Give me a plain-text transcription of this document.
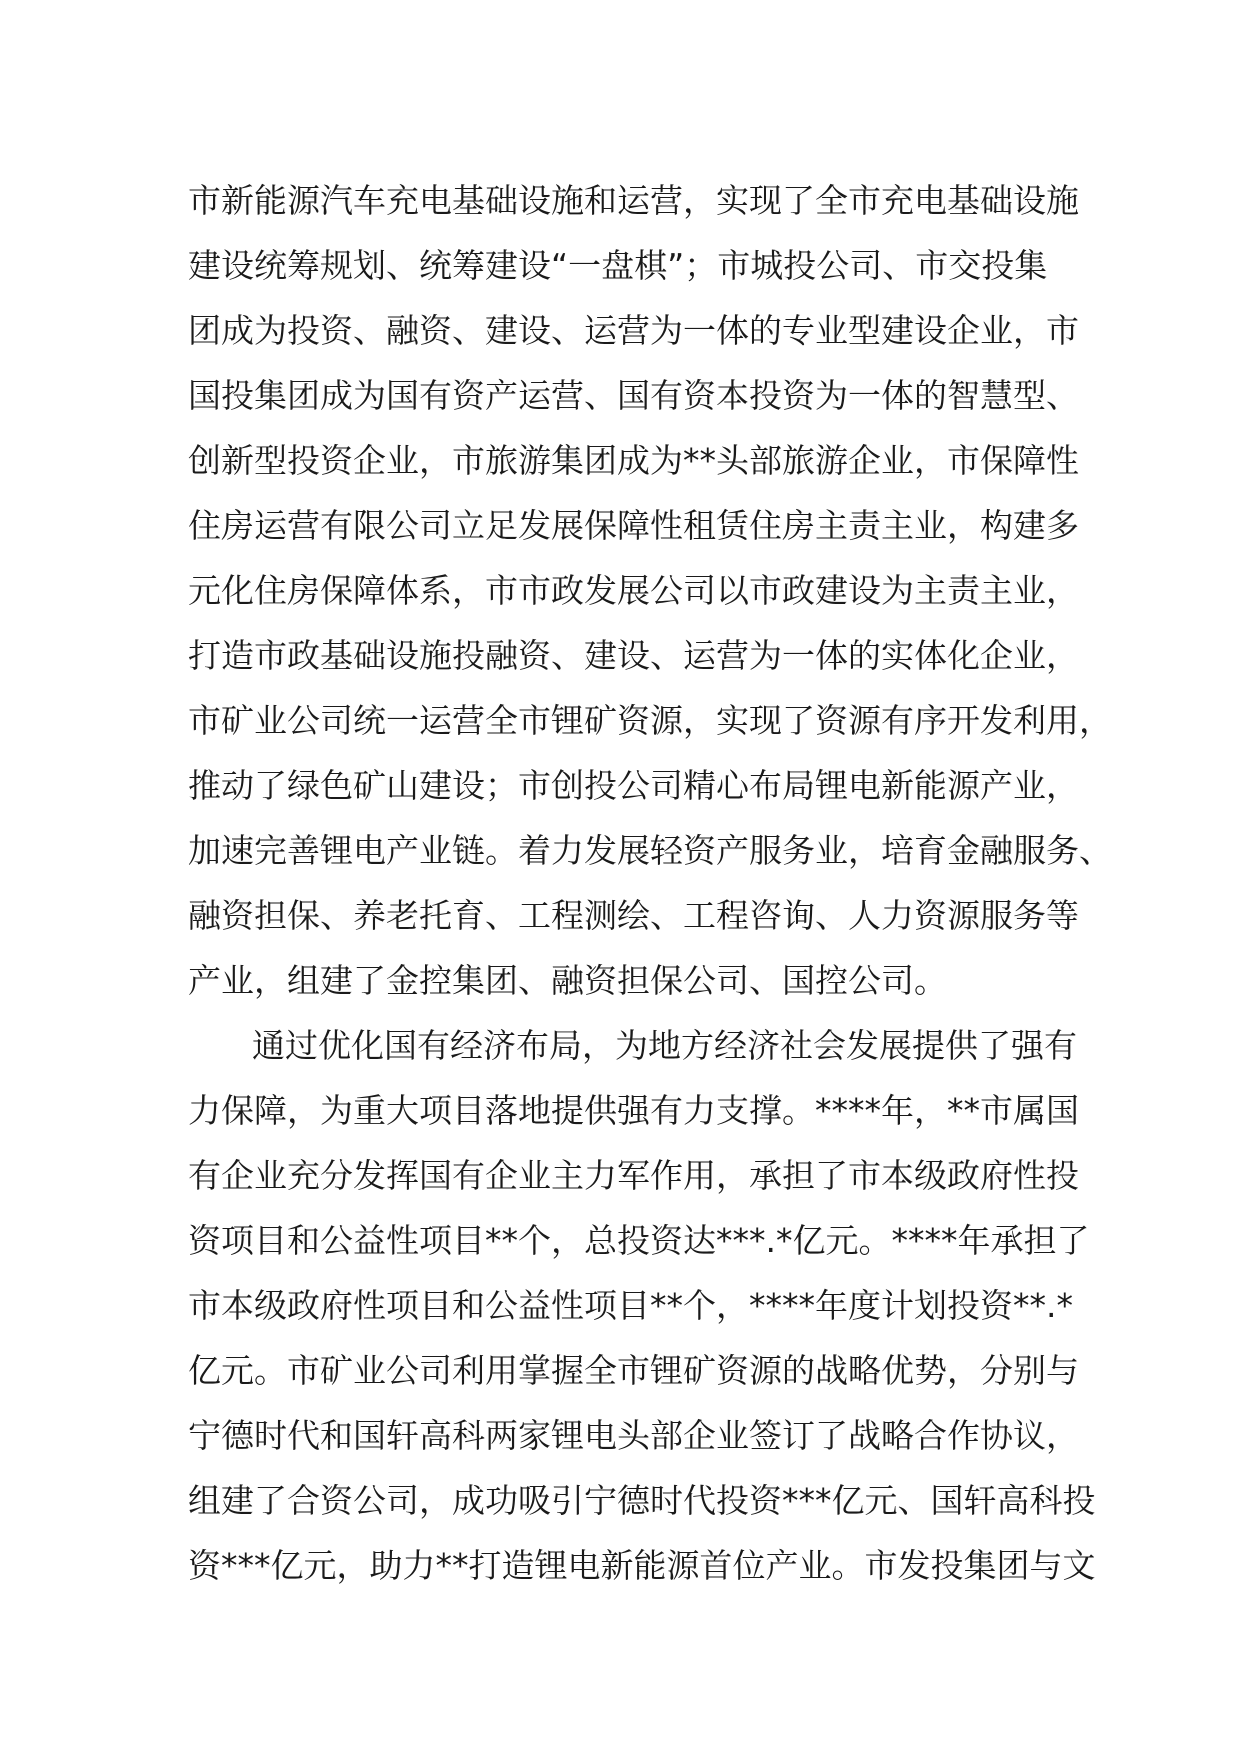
市新能源汽车充电基础设施和运营，实现了全市充电基础设施
建设统筹规划、统筹建设“一盘棋”；市城投公司、市交投集
团成为投资、融资、建设、运营为一体的专业型建设企业，市
国投集团成为国有资产运营、国有资本投资为一体的智慧型、
创新型投资企业，市旅游集团成为**头部旅游企业，市保障性
住房运营有限公司立足发展保障性租赁住房主责主业，构建多
元化住房保障体系，市市政发展公司以市政建设为主责主业，
打造市政基础设施投融资、建设、运营为一体的实体化企业，
市矿业公司统一运营全市锂矿资源，实现了资源有序开发利用，
推动了绿色矿山建设；市创投公司精心布局锂电新能源产业，
加速完善锂电产业链。着力发展轻资产服务业，培育金融服务、
融资担保、养老托育、工程测绘、工程咨询、人力资源服务等
产业，组建了金控集团、融资担保公司、国控公司。
通过优化国有经济布局，为地方经济社会发展提供了强有
力保障，为重大项目落地提供强有力支撑。****年，**市属国
有企业充分发挥国有企业主力军作用，承担了市本级政府性投
资项目和公益性项目**个，总投资达***.*亿元。****年承担了
市本级政府性项目和公益性项目**个，****年度计划投资**.*
亿元。市矿业公司利用掌握全市锂矿资源的战略优势，分别与
宁德时代和国轩高科两家锂电头部企业签订了战略合作协议，
组建了合资公司，成功吸引宁德时代投资***亿元、国轩高科投
资***亿元，助力**打造锂电新能源首位产业。市发投集团与文
